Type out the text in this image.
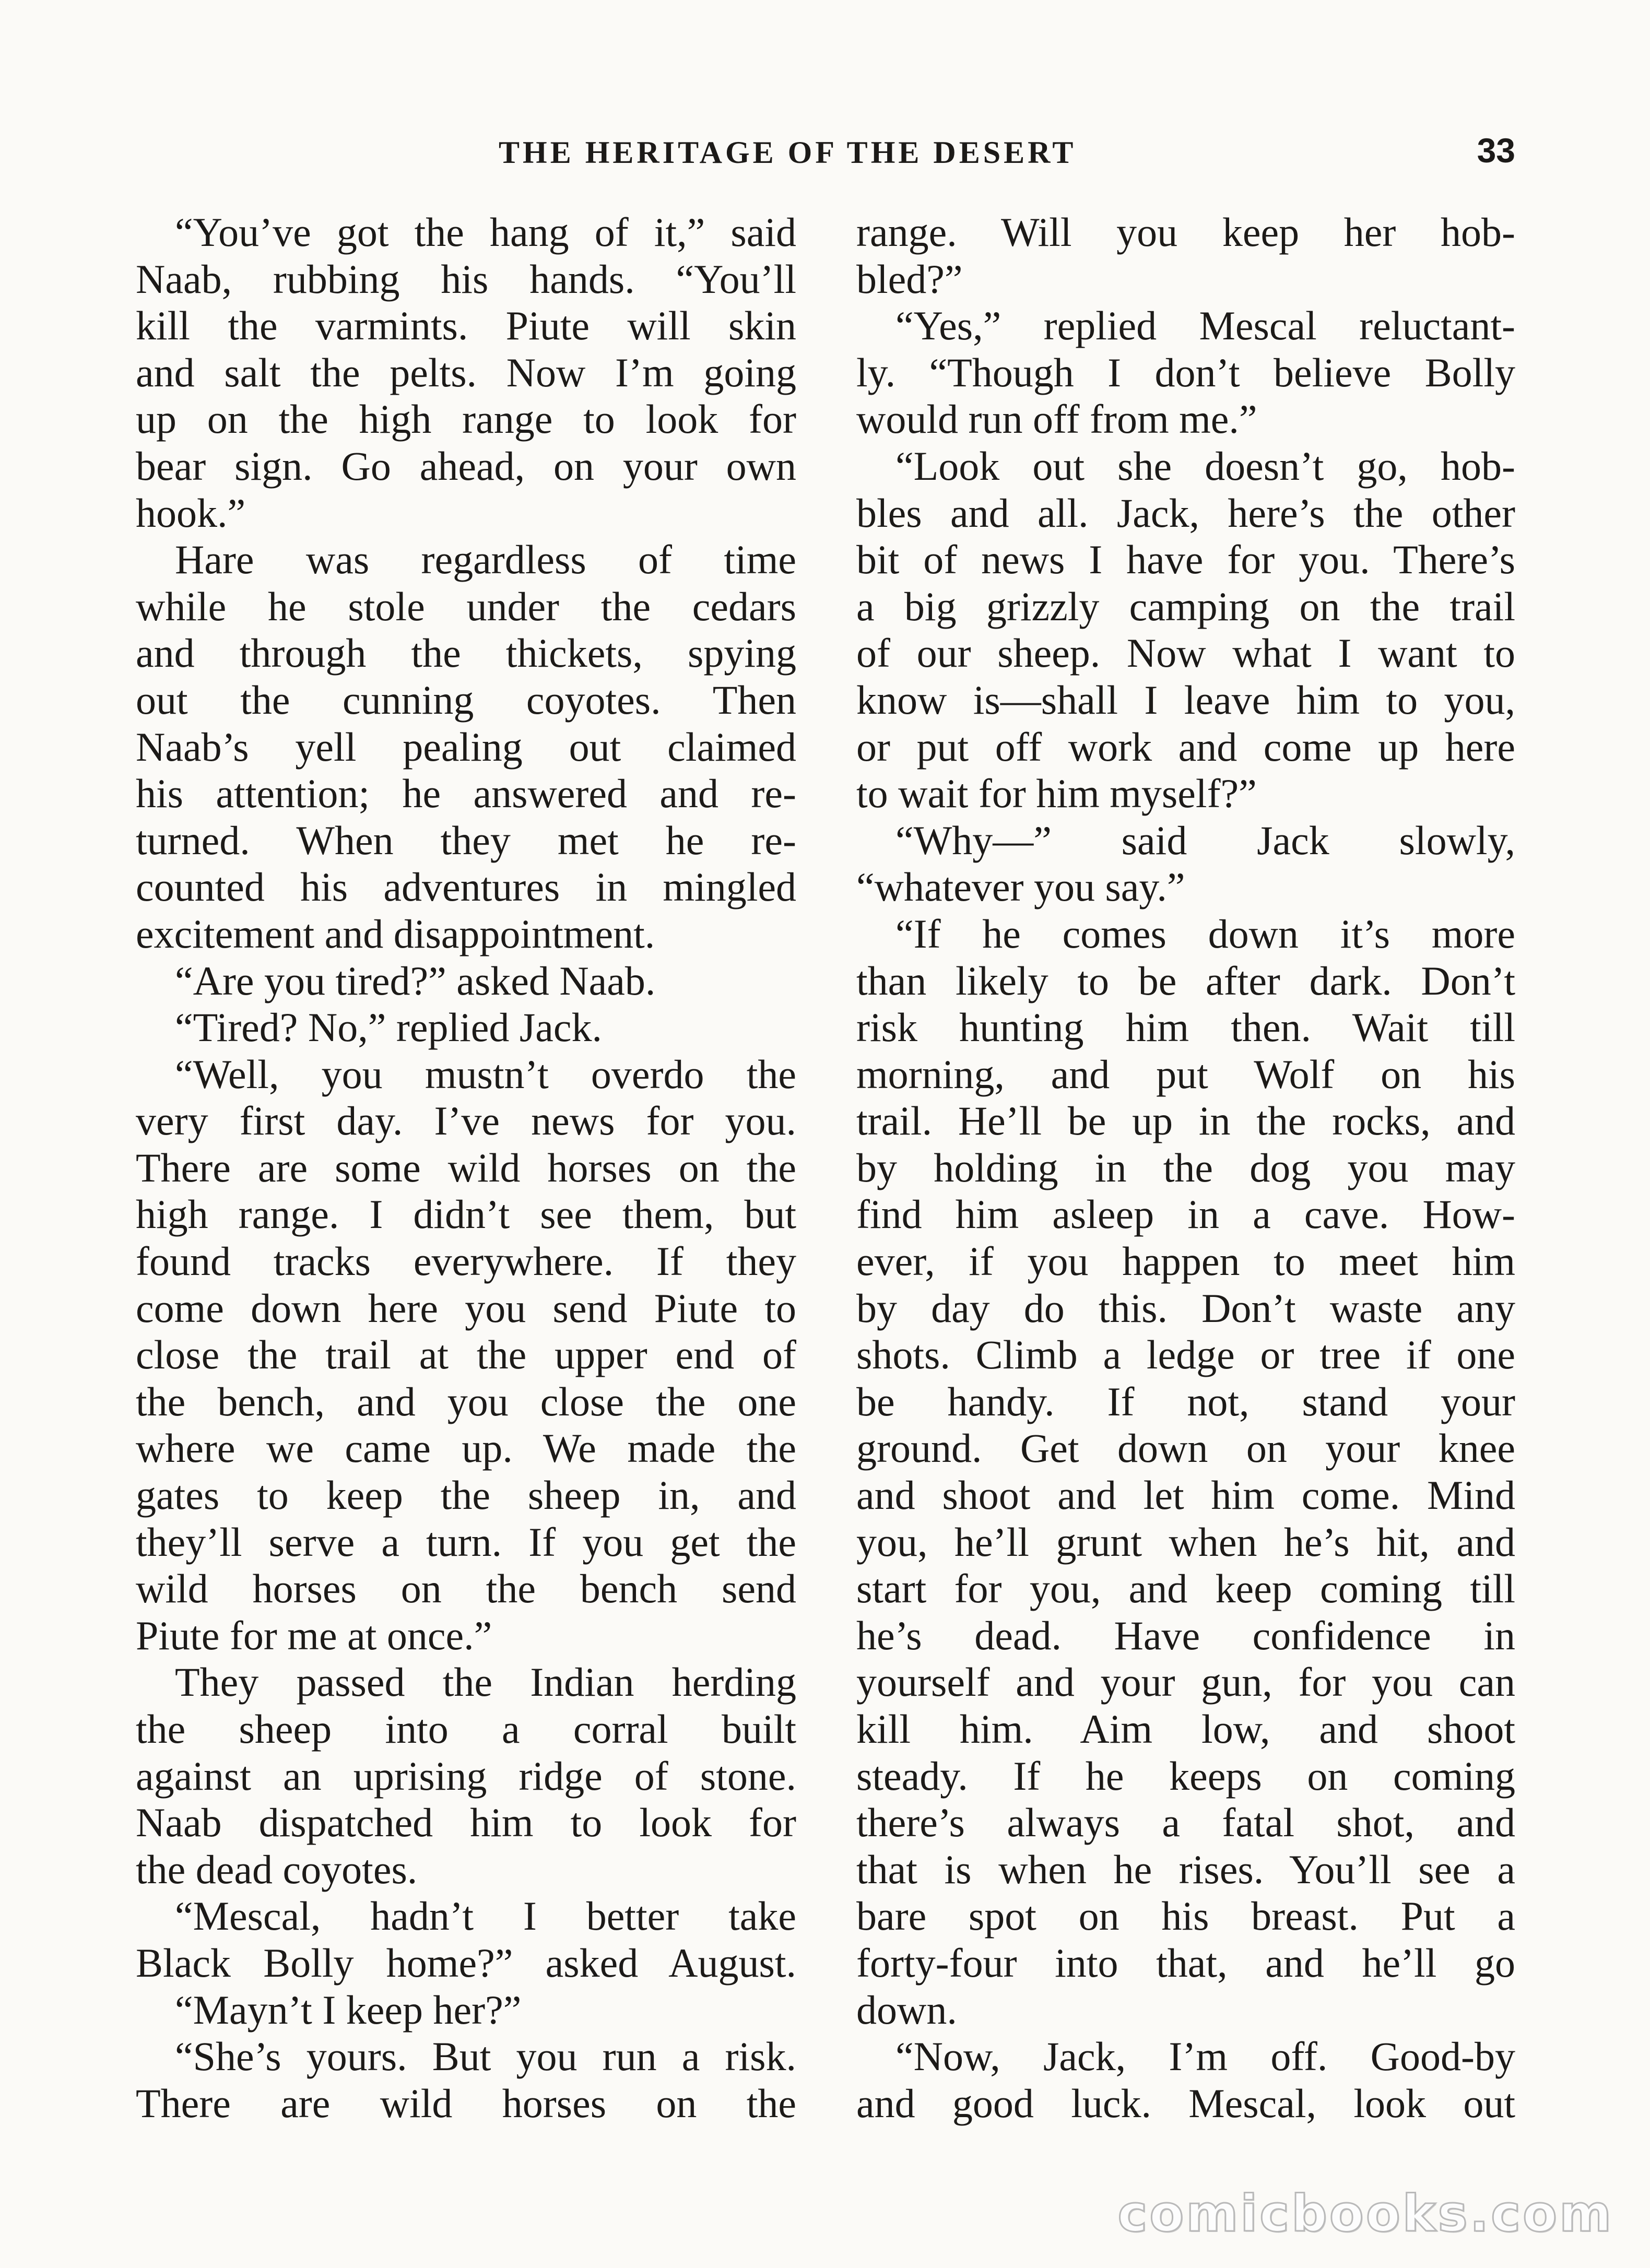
THE HERITAGE OF THE DESERT	33
“You’ve got the hang of it,” said
Naab, rubbing his hands. “You’ll
kill the varmints. Piute will skin
and salt the pelts. Now I’m going
up on the high range to look for
bear sign. Go ahead, on your own
hook.”
Hare was regardless of time
while he stole under the cedars
and through the thickets, spying
out the cunning coyotes. Then
Naab’s yell pealing out claimed
his attention; he answered and re-
turned. When they met he re-
counted his adventures in mingled
excitement and disappointment.
“Are you tired?” asked Naab.
“Tired? No,” replied Jack.
“Well, you mustn’t overdo the
very first day. I’ve news for you.
There are some wild horses on the
high range. I didn’t see them, but
found tracks everywhere. If they
come down here you send Piute to
close the trail at the upper end of
the bench, and you close the one
where we came up. We made the
gates to keep the sheep in, and
they’ll serve a turn. If you get the
wild horses on the bench send
Piute for me at once.”
They passed the Indian herding
the sheep into a corral built
against an uprising ridge of stone.
Naab dispatched him to look for
the dead coyotes.
“Mescal, hadn’t I better take
Black Bolly home?” asked August.
“Mayn’t I keep her?”
“She’s yours. But you run a risk.
There are wild horses on the
range. Will you keep her hob-
bled?”
“Yes,” replied Mescal reluctant-
ly. “Though I don’t believe Bolly
would run off from me.”
“Look out she doesn’t go, hob-
bles and all. Jack, here’s the other
bit of news I have for you. There’s
a big grizzly camping on the trail
of our sheep. Now what I want to
know is—shall I leave him to you,
or put off work and come up here
to wait for him myself?”
“Why—” said Jack slowly,
“whatever you say.”
“If he comes down it’s more
than likely to be after dark. Don’t
risk hunting him then. Wait till
morning, and put Wolf on his
trail. He’ll be up in the rocks, and
by holding in the dog you may
find him asleep in a cave. How-
ever, if you happen to meet him
by day do this. Don’t waste any
shots. Climb a ledge or tree if one
be handy. If not, stand your
ground. Get down on your knee
and shoot and let him come. Mind
you, he’ll grunt when he’s hit, and
start for you, and keep coming till
he’s dead. Have confidence in
yourself and your gun, for you can
kill him. Aim low, and shoot
steady. If he keeps on coming
there’s always a fatal shot, and
that is when he rises. You’ll see a
bare spot on his breast. Put a
forty-four into that, and he’ll go
down.
“Now, Jack, I’m off. Good-by
and good luck. Mescal, look out
comicbooks.com
